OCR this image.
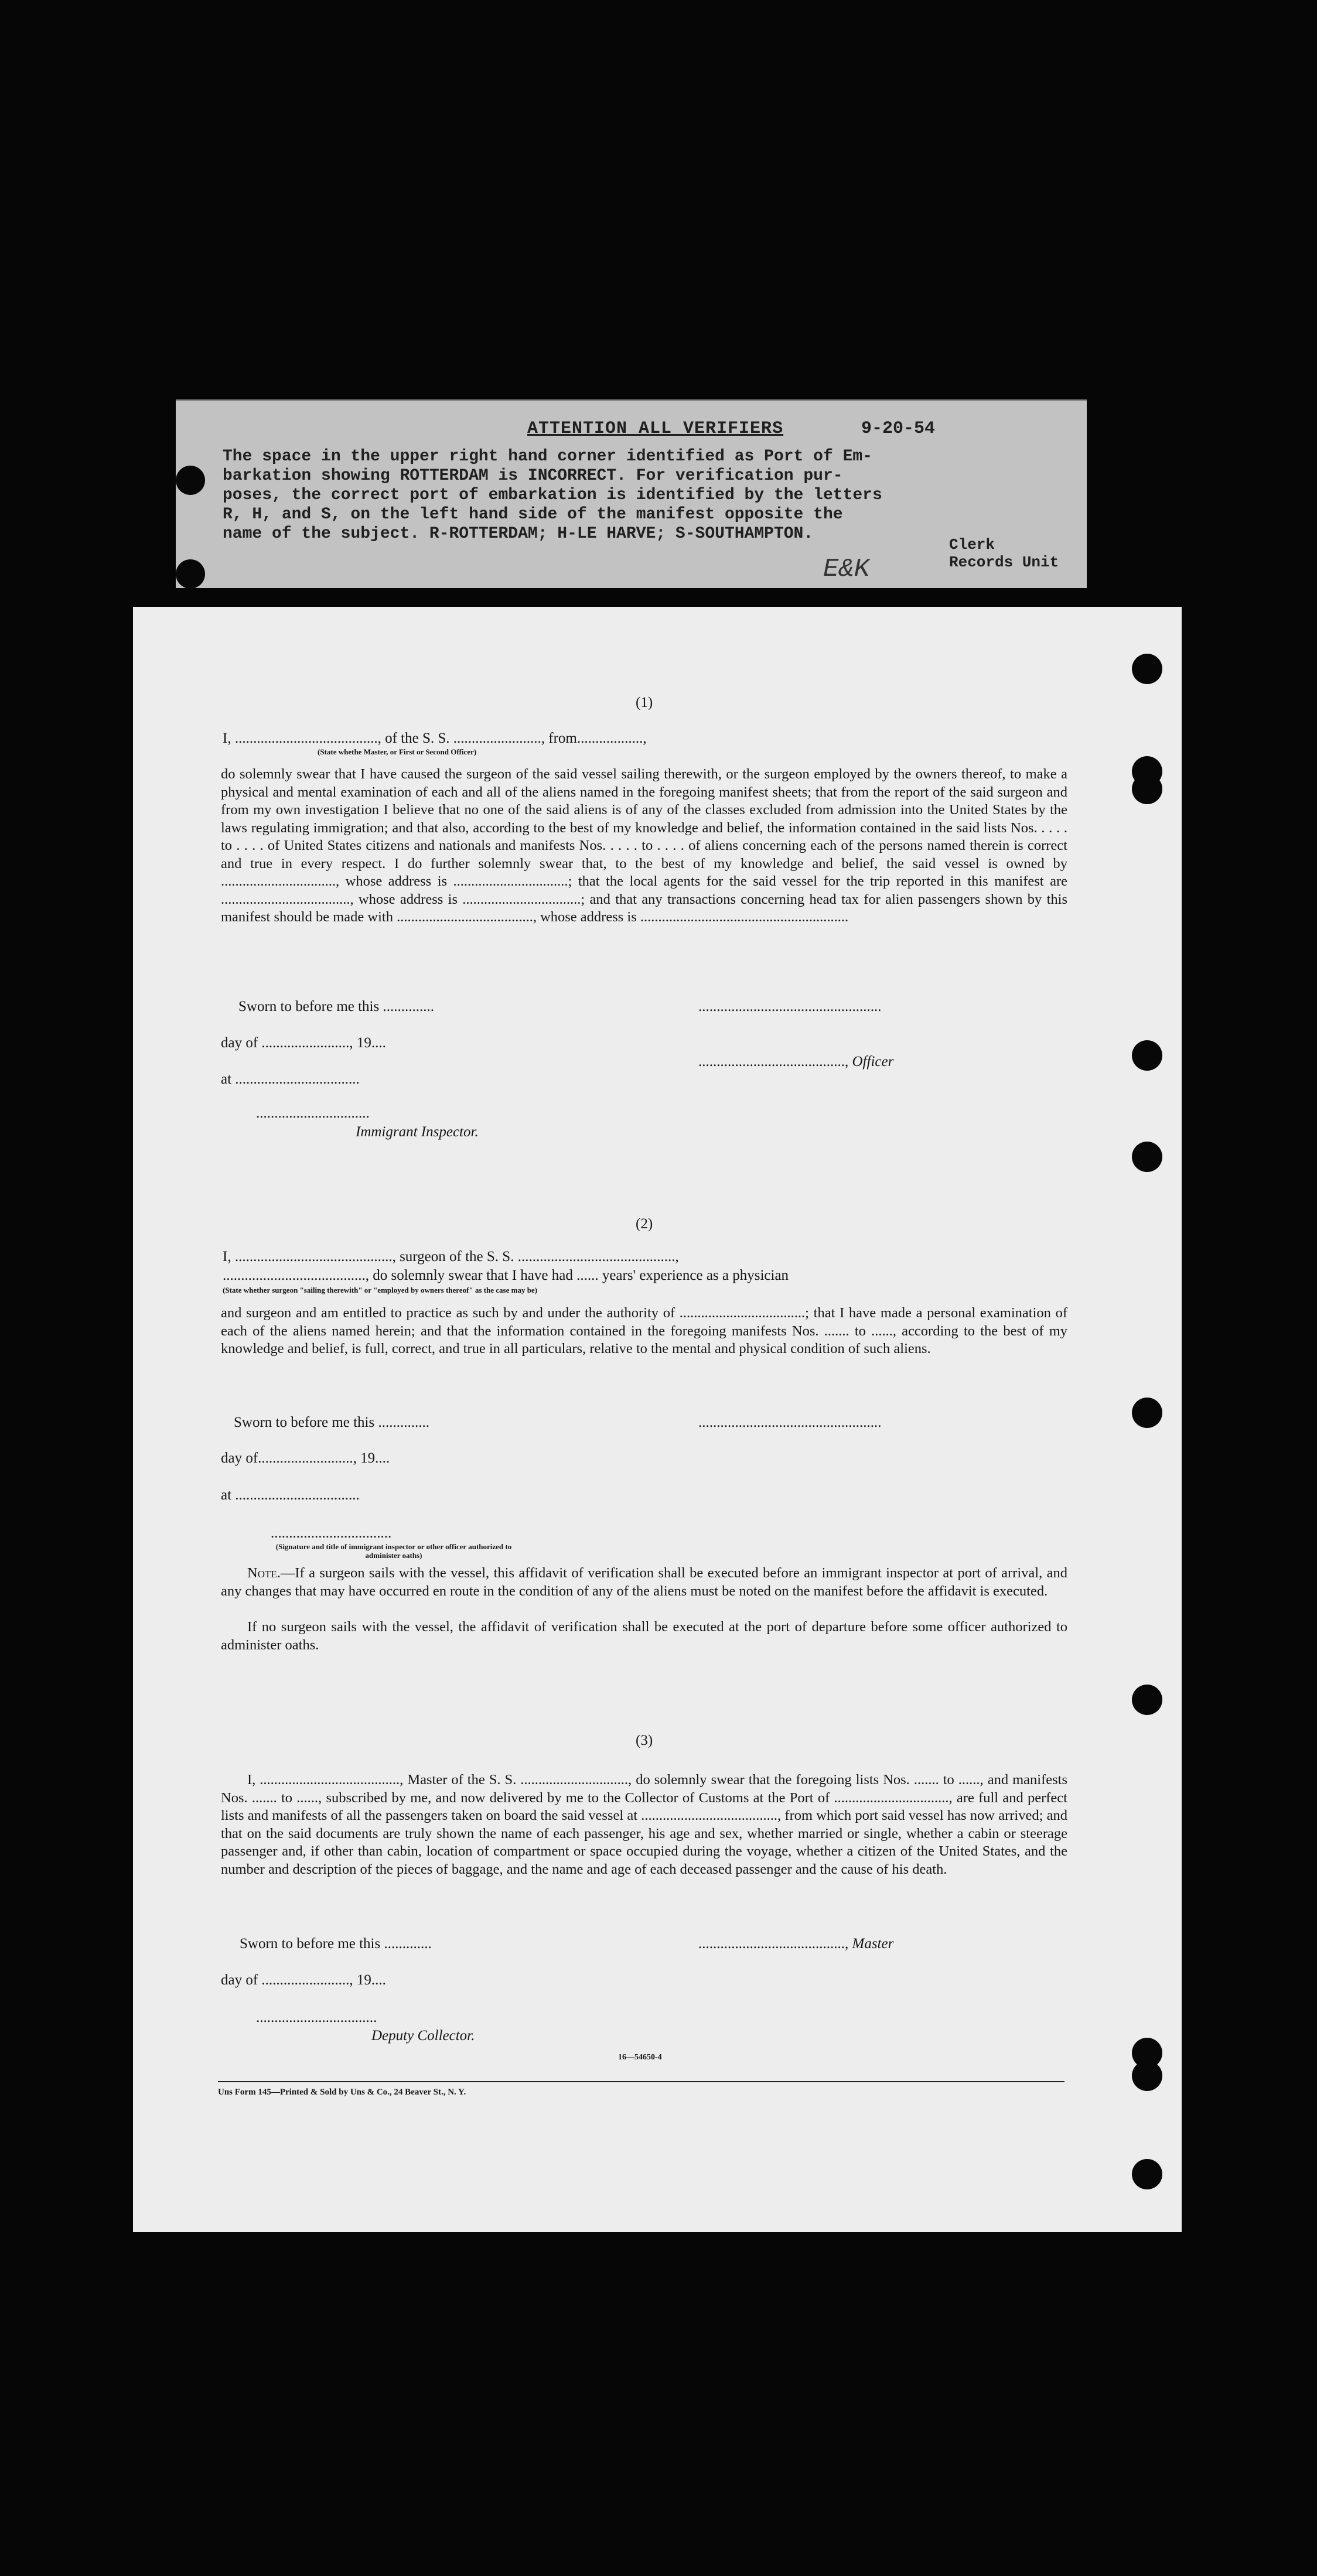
ATTENTION ALL VERIFIERS	9-20-54
The space in the upper right hand corner identified as Port of Em-
barkation showing ROTTERDAM is INCORRECT. For verification pur-
poses, the correct port of embarkation is identified by the letters
R, H, and S, on the left hand side of the manifest opposite the
name of the subject. R-ROTTERDAM; H-LE HARVE; S-SOUTHAMPTON.
E&K
Clerk
Records Unit
(1)
I, ......................................., of the S. S. ........................, from..................,
(State whethe Master, or First or Second Officer)
do solemnly swear that I have caused the surgeon of the said vessel sailing therewith, or the surgeon employed by the owners thereof, to make a physical and mental examination of each and all of the aliens named in the foregoing manifest sheets; that from the report of the said surgeon and from my own investigation I believe that no one of the said aliens is of any of the classes excluded from admission into the United States by the laws regulating immigration; and that also, according to the best of my knowledge and belief, the information contained in the said lists Nos. . . . . to . . . . of United States citizens and nationals and manifests Nos. . . . . to . . . . of aliens concerning each of the persons named therein is correct and true in every respect. I do further solemnly swear that, to the best of my knowledge and belief, the said vessel is owned by ................................, whose address is ................................; that the local agents for the said vessel for the trip reported in this manifest are ...................................., whose address is .................................; and that any transactions concerning head tax for alien passengers shown by this manifest should be made with ......................................, whose address is ..........................................................
Sworn to before me this ..............	..................................................
day of ........................, 19....
........................................, Officer
at ..................................
...............................
Immigrant Inspector.
(2)
I, ..........................................., surgeon of the S. S. ...........................................,
......................................., do solemnly swear that I have had ...... years' experience as a physician
(State whether surgeon "sailing therewith" or "employed by owners thereof" as the case may be)
and surgeon and am entitled to practice as such by and under the authority of ...................................; that I have made a personal examination of each of the aliens named herein; and that the information contained in the foregoing manifests Nos. ....... to ......, according to the best of my knowledge and belief, is full, correct, and true in all particulars, relative to the mental and physical condition of such aliens.
Sworn to before me this ..............	..................................................
day of.........................., 19....
at ..................................
.................................
(Signature and title of immigrant inspector or other officer authorized to administer oaths)
Note.—If a surgeon sails with the vessel, this affidavit of verification shall be executed before an immigrant inspector at port of arrival, and any changes that may have occurred en route in the condition of any of the aliens must be noted on the manifest before the affidavit is executed.
If no surgeon sails with the vessel, the affidavit of verification shall be executed at the port of departure before some officer authorized to administer oaths.
(3)
I, ......................................., Master of the S. S. .............................., do solemnly swear that the foregoing lists Nos. ....... to ......, and manifests Nos. ....... to ......, subscribed by me, and now delivered by me to the Collector of Customs at the Port of ................................, are full and perfect lists and manifests of all the passengers taken on board the said vessel at ......................................, from which port said vessel has now arrived; and that on the said documents are truly shown the name of each passenger, his age and sex, whether married or single, whether a cabin or steerage passenger and, if other than cabin, location of compartment or space occupied during the voyage, whether a citizen of the United States, and the number and description of the pieces of baggage, and the name and age of each deceased passenger and the cause of his death.
Sworn to before me this .............	........................................, Master
day of ........................, 19....
.................................
Deputy Collector.
16—54650-4
Uns Form 145—Printed & Sold by Uns & Co., 24 Beaver St., N. Y.
